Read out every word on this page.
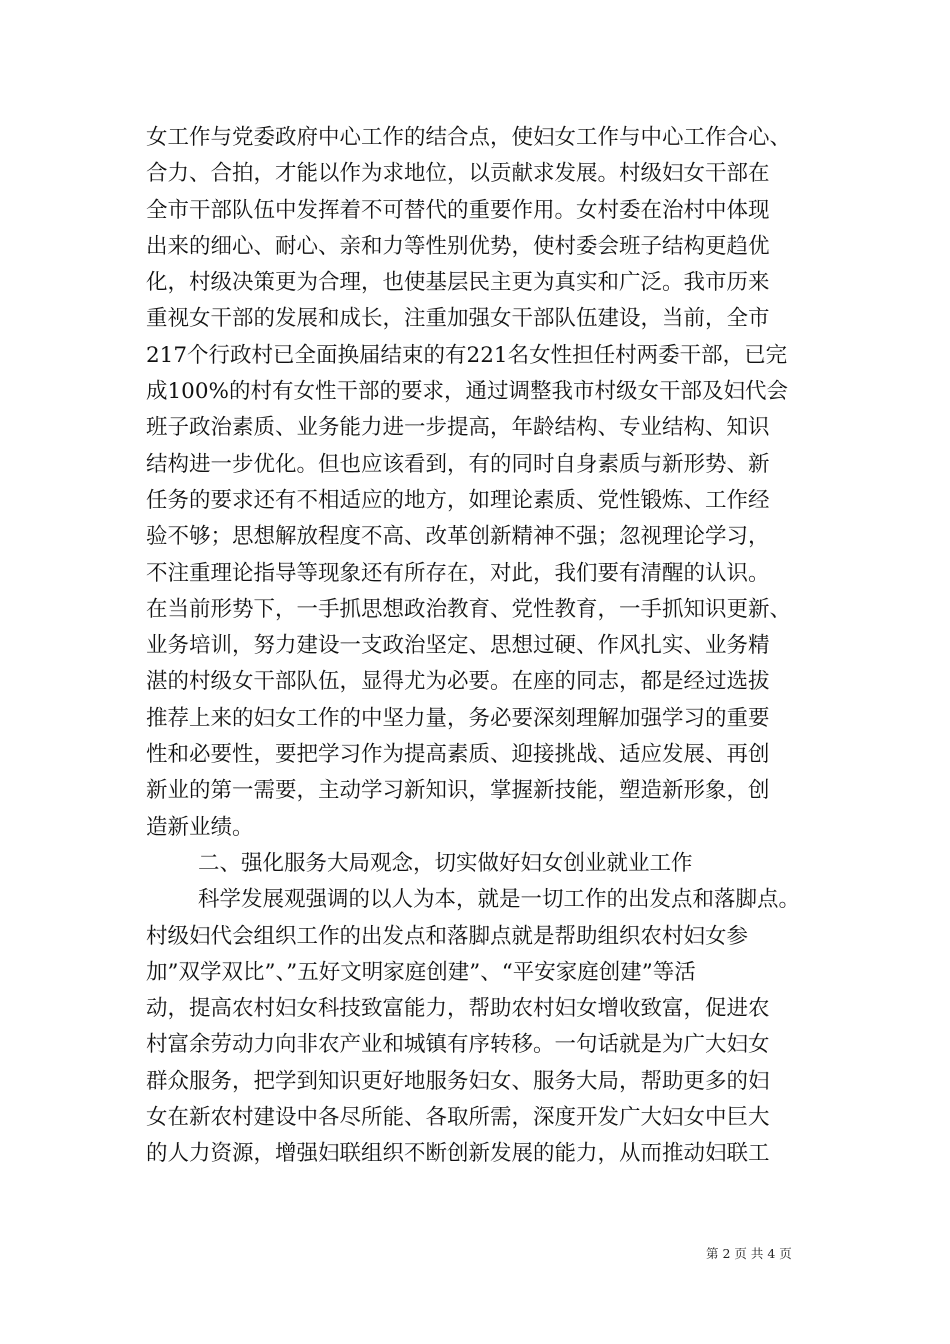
女工作与党委政府中心工作的结合点，使妇女工作与中心工作合心、
合力、合拍，才能以作为求地位，以贡献求发展。村级妇女干部在
全市干部队伍中发挥着不可替代的重要作用。女村委在治村中体现
出来的细心、耐心、亲和力等性别优势，使村委会班子结构更趋优
化，村级决策更为合理，也使基层民主更为真实和广泛。我市历来
重视女干部的发展和成长，注重加强女干部队伍建设，当前，全市
217个行政村已全面换届结束的有221名女性担任村两委干部，已完
成100%的村有女性干部的要求，通过调整我市村级女干部及妇代会
班子政治素质、业务能力进一步提高，年龄结构、专业结构、知识
结构进一步优化。但也应该看到，有的同时自身素质与新形势、新
任务的要求还有不相适应的地方，如理论素质、党性锻炼、工作经
验不够；思想解放程度不高、改革创新精神不强；忽视理论学习，
不注重理论指导等现象还有所存在，对此，我们要有清醒的认识。
在当前形势下，一手抓思想政治教育、党性教育，一手抓知识更新、
业务培训，努力建设一支政治坚定、思想过硬、作风扎实、业务精
湛的村级女干部队伍，显得尤为必要。在座的同志，都是经过选拔
推荐上来的妇女工作的中坚力量，务必要深刻理解加强学习的重要
性和必要性，要把学习作为提高素质、迎接挑战、适应发展、再创
新业的第一需要，主动学习新知识，掌握新技能，塑造新形象，创
造新业绩。
二、强化服务大局观念，切实做好妇女创业就业工作
科学发展观强调的以人为本，就是一切工作的出发点和落脚点。
村级妇代会组织工作的出发点和落脚点就是帮助组织农村妇女参
加”双学双比”、”五好文明家庭创建”、“平安家庭创建”等活
动，提高农村妇女科技致富能力，帮助农村妇女增收致富，促进农
村富余劳动力向非农产业和城镇有序转移。一句话就是为广大妇女
群众服务，把学到知识更好地服务妇女、服务大局，帮助更多的妇
女在新农村建设中各尽所能、各取所需，深度开发广大妇女中巨大
的人力资源，增强妇联组织不断创新发展的能力，从而推动妇联工
第 2 页 共 4 页
